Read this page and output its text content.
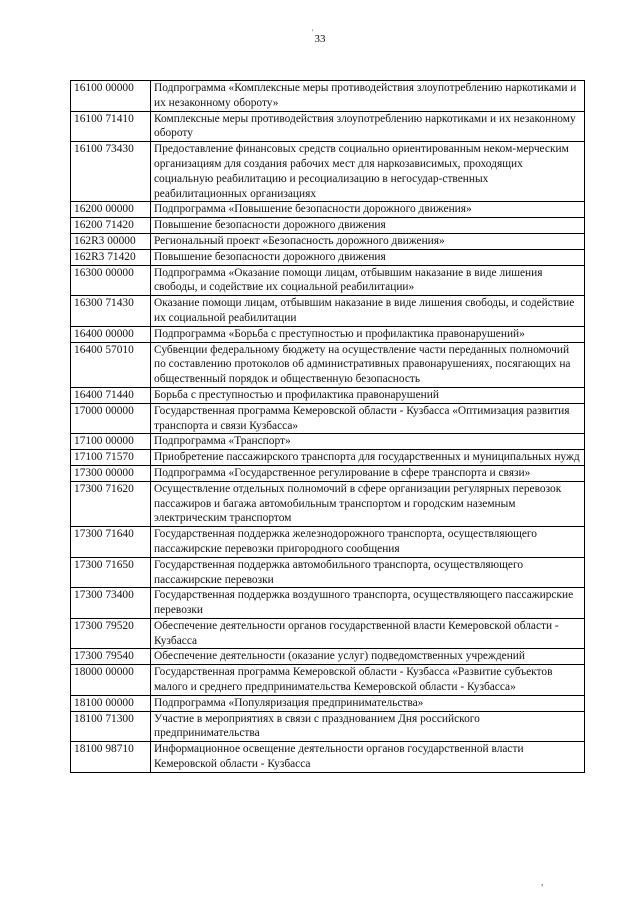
'
33
16100 00000	Подпрограмма «Комплексные меры противодействия злоупотреблению наркотиками и их незаконному обороту»
16100 71410	Комплексные меры противодействия злоупотреблению наркотиками и их незаконному обороту
16100 73430	Предоставление финансовых средств социально ориентированным неком-мерческим организациям для создания рабочих мест для наркозависимых, проходящих социальную реабилитацию и ресоциализацию в негосудар-ственных реабилитационных организациях
16200 00000	Подпрограмма «Повышение безопасности дорожного движения»
16200 71420	Повышение безопасности дорожного движения
162R3 00000	Региональный проект «Безопасность дорожного движения»
162R3 71420	Повышение безопасности дорожного движения
16300 00000	Подпрограмма «Оказание помощи лицам, отбывшим наказание в виде лишения свободы, и содействие их социальной реабилитации»
16300 71430	Оказание помощи лицам, отбывшим наказание в виде лишения свободы, и содействие их социальной реабилитации
16400 00000	Подпрограмма «Борьба с преступностью и профилактика правонарушений»
16400 57010	Субвенции федеральному бюджету на осуществление части переданных полномочий по составлению протоколов об административных правонарушениях, посягающих на общественный порядок и общественную безопасность
16400 71440	Борьба с преступностью и профилактика правонарушений
17000 00000	Государственная программа Кемеровской области - Кузбасса «Оптимизация развития транспорта и связи Кузбасса»
17100 00000	Подпрограмма «Транспорт»
17100 71570	Приобретение пассажирского транспорта для государственных и муниципальных нужд
17300 00000	Подпрограмма «Государственное регулирование в сфере транспорта и связи»
17300 71620	Осуществление отдельных полномочий в сфере организации регулярных перевозок пассажиров и багажа автомобильным транспортом и городским наземным электрическим транспортом
17300 71640	Государственная поддержка железнодорожного транспорта, осуществляющего пассажирские перевозки пригородного сообщения
17300 71650	Государственная поддержка автомобильного транспорта, осуществляющего пассажирские перевозки
17300 73400	Государственная поддержка воздушного транспорта, осуществляющего пассажирские перевозки
17300 79520	Обеспечение деятельности органов государственной власти Кемеровской области - Кузбасса
17300 79540	Обеспечение деятельности (оказание услуг) подведомственных учреждений
18000 00000	Государственная программа Кемеровской области - Кузбасса «Развитие субъектов малого и среднего предпринимательства Кемеровской области - Кузбасса»
18100 00000	Подпрограмма «Популяризация предпринимательства»
18100 71300	Участие в мероприятиях в связи с празднованием Дня российского предпринимательства
18100 98710	Информационное освещение деятельности органов государственной власти Кемеровской области - Кузбасса
,
